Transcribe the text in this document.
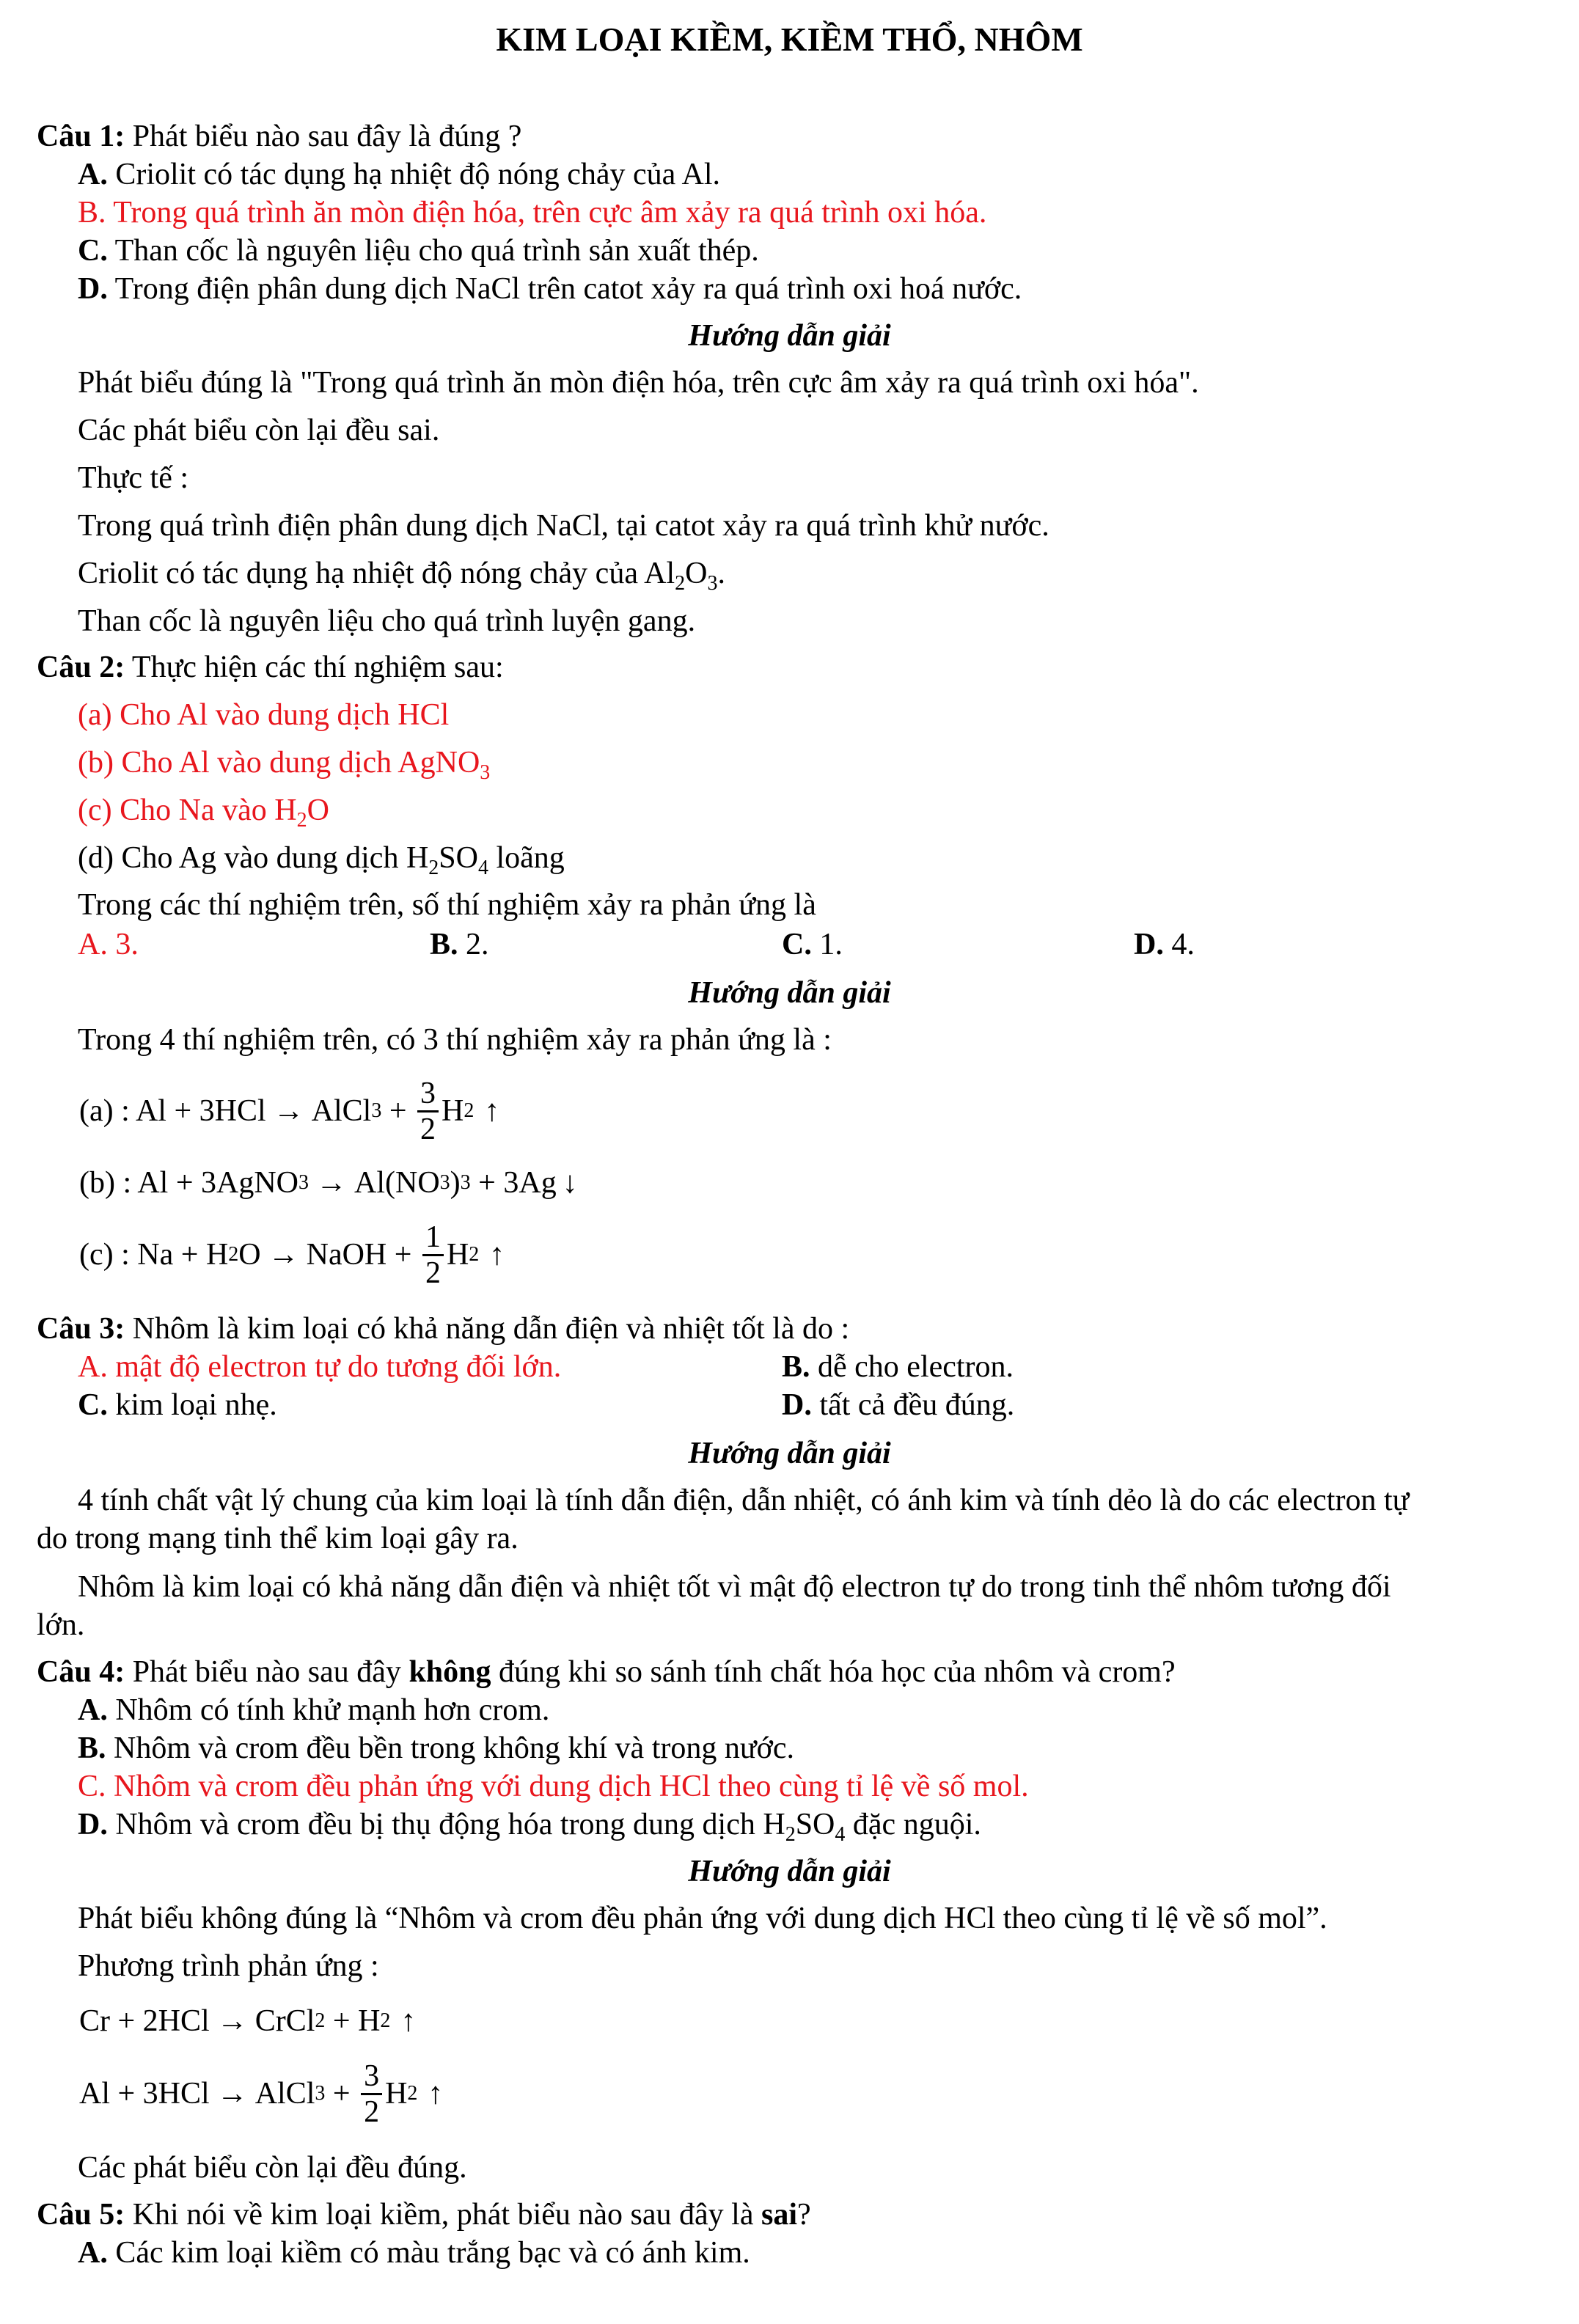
KIM LOẠI KIỀM, KIỀM THỔ, NHÔM
Câu 1: Phát biểu nào sau đây là đúng ?
A. Criolit có tác dụng hạ nhiệt độ nóng chảy của Al.
B. Trong quá trình ăn mòn điện hóa, trên cực âm xảy ra quá trình oxi hóa.
C. Than cốc là nguyên liệu cho quá trình sản xuất thép.
D. Trong điện phân dung dịch NaCl trên catot xảy ra quá trình oxi hoá nước.
Hướng dẫn giải
Phát biểu đúng là "Trong quá trình ăn mòn điện hóa, trên cực âm xảy ra quá trình oxi hóa".
Các phát biểu còn lại đều sai.
Thực tế :
Trong quá trình điện phân dung dịch NaCl, tại catot xảy ra quá trình khử nước.
Criolit có tác dụng hạ nhiệt độ nóng chảy của $Al_2O_3$.
Than cốc là nguyên liệu cho quá trình luyện gang.
Câu 2: Thực hiện các thí nghiệm sau:
(a) Cho Al vào dung dịch HCl
(b) Cho Al vào dung dịch AgNO$_3$
(c) Cho Na vào $H_2O$
(d) Cho Ag vào dung dịch $H_2SO_4$ loãng
Trong các thí nghiệm trên, số thí nghiệm xảy ra phản ứng là
A. 3.	B. 2.	C. 1.	D. 4.
Hướng dẫn giải
Trong 4 thí nghiệm trên, có 3 thí nghiệm xảy ra phản ứng là :
(a) : Al + 3HCl → AlCl $3 + \frac{3}{2}$ H 2 ↑
(b) : Al + 3AgNO 3 → Al(NO 3 ) 3 + 3Ag ↓
(c) : Na + H 2 O → NaOH + $\frac{1}{2}$ H 2 ↑
Câu 3: Nhôm là kim loại có khả năng dẫn điện và nhiệt tốt là do :
A. mật độ electron tự do tương đối lớn.	B. dễ cho electron.
C. kim loại nhẹ.	D. tất cả đều đúng.
Hướng dẫn giải
4 tính chất vật lý chung của kim loại là tính dẫn điện, dẫn nhiệt, có ánh kim và tính dẻo là do các electron tự
do trong mạng tinh thể kim loại gây ra.
Nhôm là kim loại có khả năng dẫn điện và nhiệt tốt vì mật độ electron tự do trong tinh thể nhôm tương đối
lớn.
Câu 4: Phát biểu nào sau đây không đúng khi so sánh tính chất hóa học của nhôm và crom?
A. Nhôm có tính khử mạnh hơn crom.
B. Nhôm và crom đều bền trong không khí và trong nước.
C. Nhôm và crom đều phản ứng với dung dịch HCl theo cùng tỉ lệ về số mol.
D. Nhôm và crom đều bị thụ động hóa trong dung dịch $H_2SO_4$ đặc nguội.
Hướng dẫn giải
Phát biểu không đúng là “Nhôm và crom đều phản ứng với dung dịch HCl theo cùng tỉ lệ về số mol”.
Phương trình phản ứng :
Cr + 2HCl → CrCl 2 + H 2 ↑
Al + 3HCl → AlCl $3 + \frac{3}{2}$ H 2 ↑
Các phát biểu còn lại đều đúng.
Câu 5: Khi nói về kim loại kiềm, phát biểu nào sau đây là sai?
A. Các kim loại kiềm có màu trắng bạc và có ánh kim.
